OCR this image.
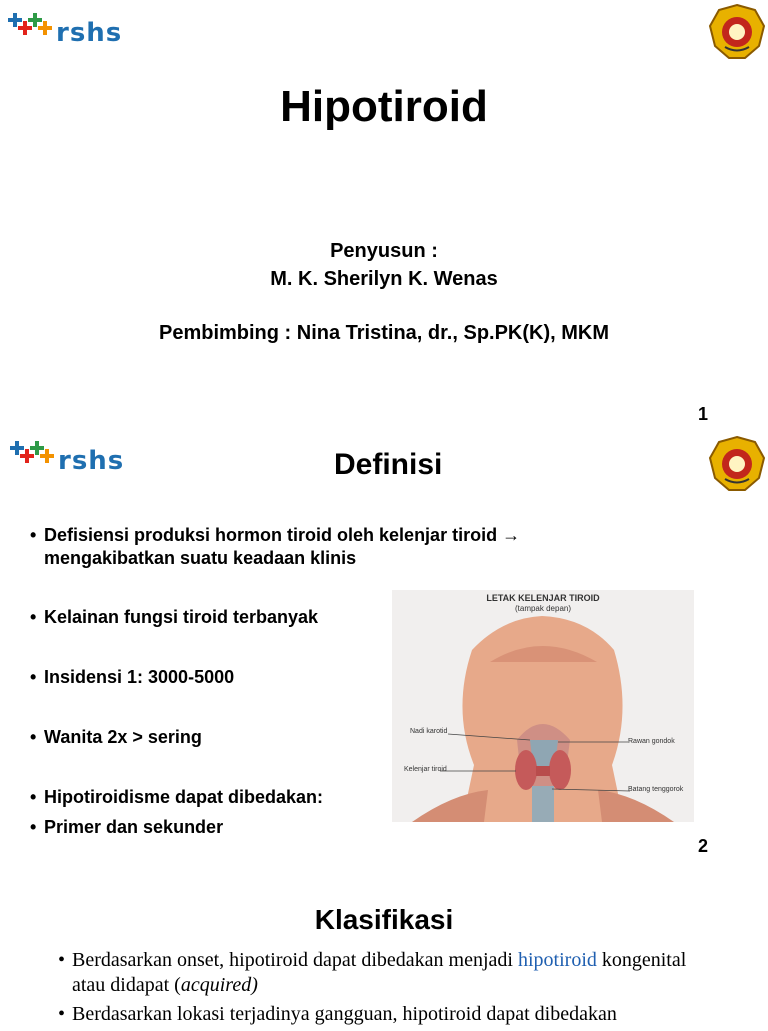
rshs
Hipotiroid
Penyusun :
M. K. Sherilyn K. Wenas
Pembimbing : Nina Tristina, dr., Sp.PK(K), MKM
1
rshs	Definisi
• Defisiensi produksi hormon tiroid oleh kelenjar tiroid →
mengakibatkan suatu keadaan klinis
• Kelainan fungsi tiroid terbanyak
• Insidensi 1: 3000-5000
• Wanita 2x > sering
• Hipotiroidisme dapat dibedakan:
• Primer dan sekunder
LETAK KELENJAR TIROID
(tampak depan)
Nadi karotid
Kelenjar tiroid
Rawan gondok
Batang tenggorok
2
Klasifikasi
• Berdasarkan onset, hipotiroid dapat dibedakan menjadi hipotiroid kongenital atau didapat (acquired)
• Berdasarkan lokasi terjadinya gangguan, hipotiroid dapat dibedakan
